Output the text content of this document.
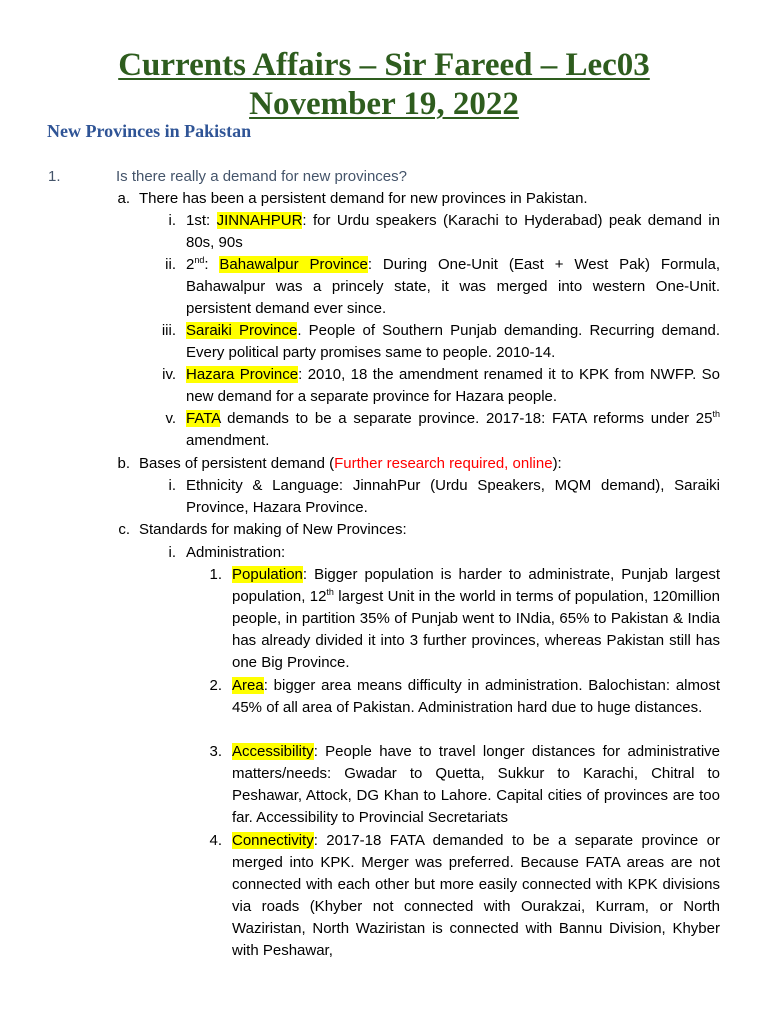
Currents Affairs – Sir Fareed – Lec03
November 19, 2022
New Provinces in Pakistan
1.	Is there really a demand for new provinces?
a. There has been a persistent demand for new provinces in Pakistan.
i. 1st: JINNAHPUR: for Urdu speakers (Karachi to Hyderabad) peak demand in 80s, 90s
ii. 2nd: Bahawalpur Province: During One-Unit (East + West Pak) Formula, Bahawalpur was a princely state, it was merged into western One-Unit. persistent demand ever since.
iii. Saraiki Province. People of Southern Punjab demanding. Recurring demand. Every political party promises same to people. 2010-14.
iv. Hazara Province: 2010, 18 the amendment renamed it to KPK from NWFP. So new demand for a separate province for Hazara people.
v. FATA demands to be a separate province. 2017-18: FATA reforms under 25th amendment.
b. Bases of persistent demand (Further research required, online):
i. Ethnicity & Language: JinnahPur (Urdu Speakers, MQM demand), Saraiki Province, Hazara Province.
c. Standards for making of New Provinces:
i. Administration:
1. Population: Bigger population is harder to administrate, Punjab largest population, 12th largest Unit in the world in terms of population, 120million people, in partition 35% of Punjab went to INdia, 65% to Pakistan & India has already divided it into 3 further provinces, whereas Pakistan still has one Big Province.
2. Area: bigger area means difficulty in administration. Balochistan: almost 45% of all area of Pakistan. Administration hard due to huge distances.
3. Accessibility: People have to travel longer distances for administrative matters/needs: Gwadar to Quetta, Sukkur to Karachi, Chitral to Peshawar, Attock, DG Khan to Lahore. Capital cities of provinces are too far. Accessibility to Provincial Secretariats
4. Connectivity: 2017-18 FATA demanded to be a separate province or merged into KPK. Merger was preferred. Because FATA areas are not connected with each other but more easily connected with KPK divisions via roads (Khyber not connected with Ourakzai, Kurram, or North Waziristan, North Waziristan is connected with Bannu Division, Khyber with Peshawar,
